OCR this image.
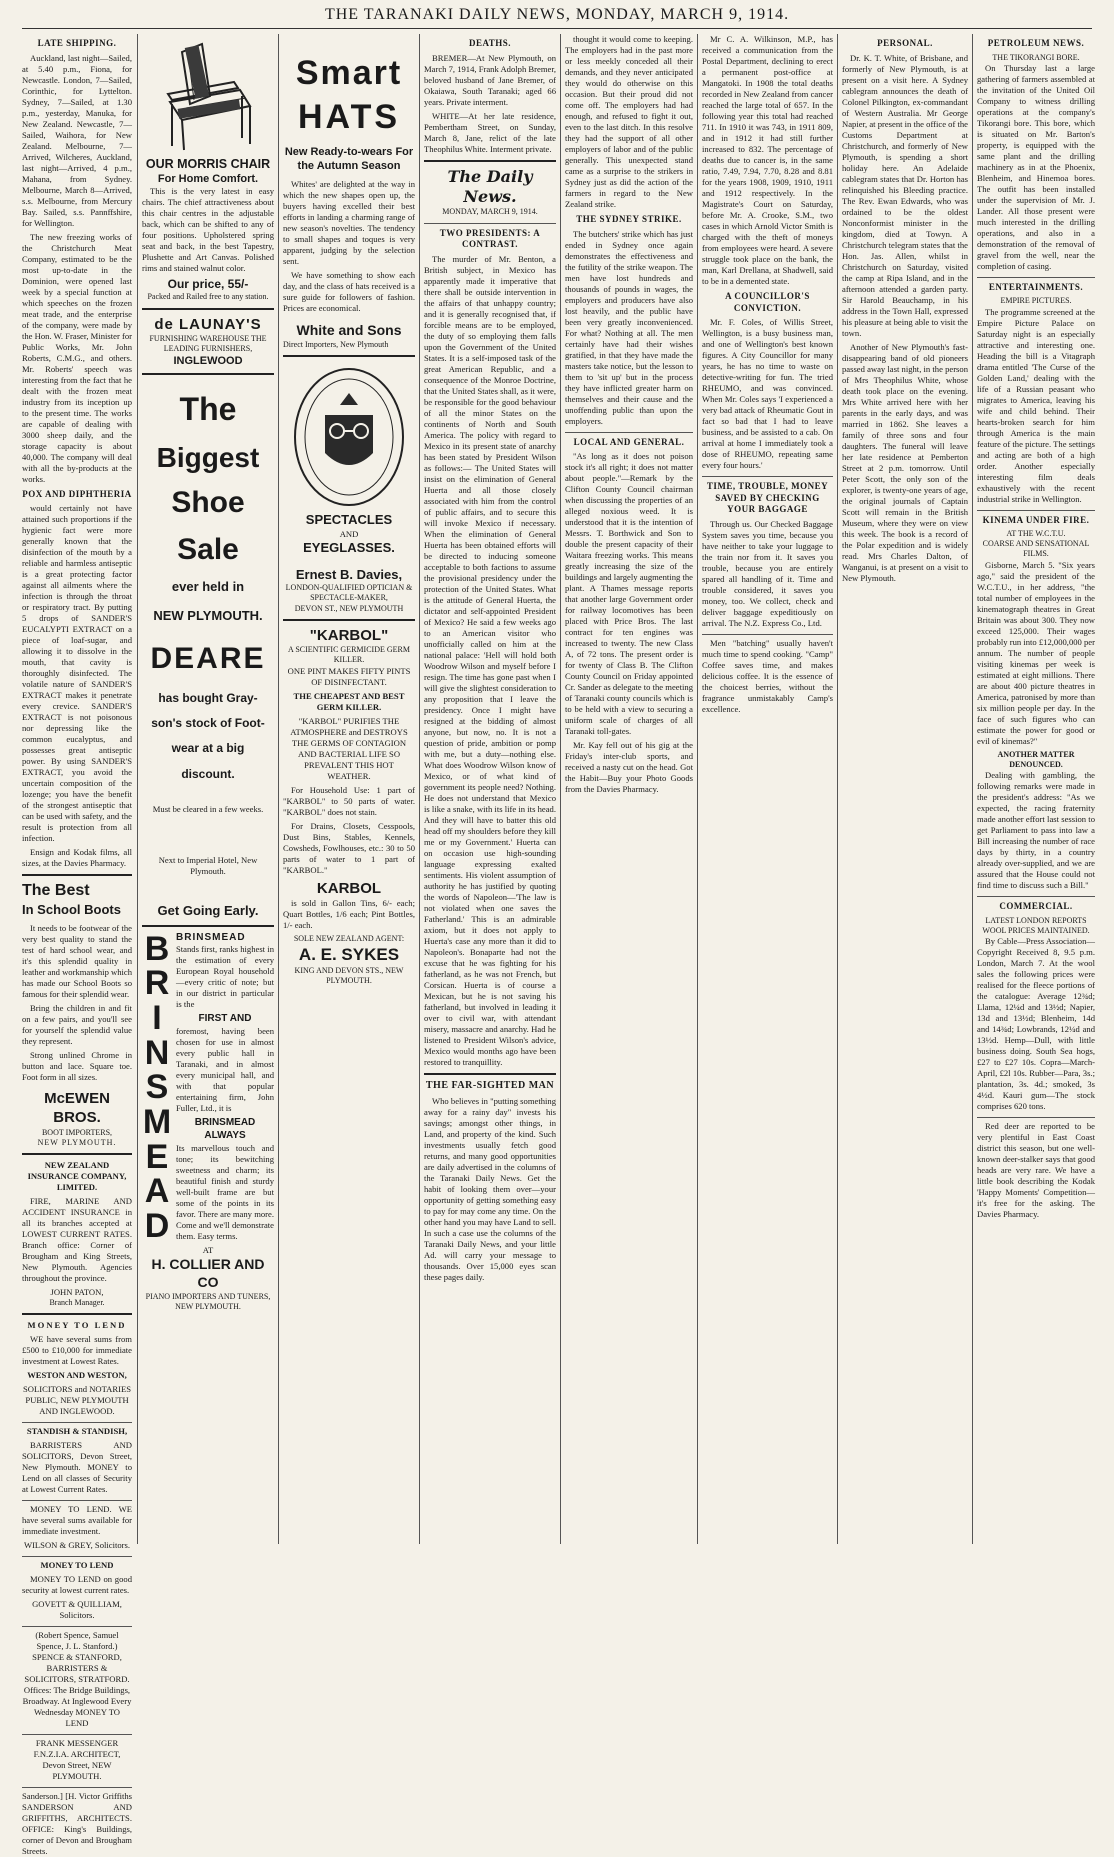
THE TARANAKI DAILY NEWS, MONDAY, MARCH 9, 1914.
LATE SHIPPING.

Auckland, last night—Sailed, at 5.40 p.m., Fiona, for Newcastle. London, 7—Sailed, Corinthic, for Lyttelton. Sydney, 7—Sailed, at 1.30 p.m., yesterday, Manuka, for New Zealand. Newcastle, 7—Sailed, Waihora, for New Zealand. Melbourne, 7—Arrived, Wilcheres, Auckland, last night—Arrived, 4 p.m., Mahana, from Sydney. Melbourne, March 8—Arrived, s.s. Melbourne, from Mercury Bay. Sailed, s.s. Pannffshire, for Wellington.

The new freezing works of the Christchurch Meat Company, estimated to be the most up-to-date in the Dominion, were opened last week by a special function at which speeches on the frozen meat trade, and the enterprise of the company, were made by the Hon. W. Fraser, Minister for Public Works, Mr. John Roberts, C.M.G., and others. Mr. Roberts' speech was interesting from the fact that he dealt with the frozen meat industry from its inception up to the present time. The works are capable of dealing with 3000 sheep daily, and the storage capacity is about 40,000. The company will deal with all the by-products at the works.

POX AND DIPHTHERIA

would certainly not have attained such proportions if the hygienic fact were more generally known that the disinfection of the mouth by a reliable and harmless antiseptic is a great protecting factor against all ailments where the infection is through the throat or respiratory tract. By putting 5 drops of SANDER'S EUCALYPTI EXTRACT on a piece of loaf-sugar, and allowing it to dissolve in the mouth, that cavity is thoroughly disinfected. The volatile nature of SANDER'S EXTRACT makes it penetrate every crevice. SANDER'S EXTRACT is not poisonous nor depressing like the common eucalyptus, and possesses great antiseptic power. By using SANDER'S EXTRACT, you avoid the uncertain composition of the lozenge; you have the benefit of the strongest antiseptic that can be used with safety, and the result is protection from all infection.

Ensign and Kodak films, all sizes, at the Davies Pharmacy.

The Best
In School Boots

It needs to be footwear of the very best quality to stand the test of hard school wear, and it's this splendid quality in leather and workmanship which has made our School Boots so famous for their splendid wear.

Bring the children in and fit on a few pairs, and you'll see for yourself the splendid value they represent.

Strong unlined Chrome in button and lace. Square toe. Foot form in all sizes.

McEWEN BROS.
BOOT IMPORTERS,
NEW PLYMOUTH.
NEW ZEALAND INSURANCE COMPANY, LIMITED.

FIRE, MARINE AND ACCIDENT INSURANCE in all its branches accepted at LOWEST CURRENT RATES. Branch office: Corner of Brougham and King Streets, New Plymouth. Agencies throughout the province.

JOHN PATON,
Branch Manager.
MONEY TO LEND

WE have several sums from £500 to £10,000 for immediate investment at Lowest Rates.

WESTON AND WESTON,

SOLICITORS and NOTARIES PUBLIC, NEW PLYMOUTH AND INGLEWOOD.

STANDISH & STANDISH,

BARRISTERS AND SOLICITORS, Devon Street, New Plymouth. MONEY to Lend on all classes of Security at Lowest Current Rates.

MONEY TO LEND. WE have several sums available for immediate investment.

WILSON & GREY, Solicitors.
MONEY TO LEND

MONEY TO LEND on good security at lowest current rates.

GOVETT & QUILLIAM, Solicitors.

(Robert Spence, Samuel Spence, J. L. Stanford.) SPENCE & STANFORD, BARRISTERS & SOLICITORS, STRATFORD. Offices: The Bridge Buildings, Broadway. At Inglewood Every Wednesday MONEY TO LEND

FRANK MESSENGER F.N.Z.I.A. ARCHITECT, Devon Street, NEW PLYMOUTH.

Sanderson.] [H. Victor Griffiths SANDERSON AND GRIFFITHS, ARCHITECTS. OFFICE: King's Buildings, corner of Devon and Brougham Streets.

OUR MORRIS CHAIR
For Home Comfort.

This is the very latest in easy chairs. The chief attractiveness about this chair centres in the adjustable back, which can be shifted to any of four positions. Upholstered spring seat and back, in the best Tapestry, Plushette and Art Canvas. Polished rims and stained walnut color.

Our price, 55/-
Packed and Railed free to any station.
de LAUNAY'S
FURNISHING WAREHOUSE THE LEADING FURNISHERS,
INGLEWOOD
The
Biggest
Shoe
Sale
ever held in
NEW PLYMOUTH.
DEARE
has bought Gray-
son's stock of Foot-
wear at a big
discount.
Must be cleared in a few weeks.
Next to Imperial Hotel, New Plymouth.
Get Going Early.
B
R
I
N
S
M
E
A
D
BRINSMEAD

Stands first, ranks highest in the estimation of every European Royal household—every critic of note; but in our district in particular is the

FIRST AND

foremost, having been chosen for use in almost every public hall in Taranaki, and in almost every municipal hall, and with that popular entertaining firm, John Fuller, Ltd., it is

BRINSMEAD ALWAYS

Its marvellous touch and tone; its bewitching sweetness and charm; its beautiful finish and sturdy well-built frame are but some of the points in its favor. There are many more. Come and we'll demonstrate them. Easy terms.

AT
H. COLLIER AND CO
PIANO IMPORTERS AND TUNERS, NEW PLYMOUTH.
Smart
HATS
New Ready-to-wears For the Autumn Season

Whites' are delighted at the way in which the new shapes open up, the buyers having excelled their best efforts in landing a charming range of new season's novelties. The tendency to small shapes and toques is very apparent, judging by the selection sent.

We have something to show each day, and the class of hats received is a sure guide for followers of fashion. Prices are economical.

White and Sons
Direct Importers, New Plymouth
SPECTACLES
AND
EYEGLASSES.
Ernest B. Davies,
LONDON-QUALIFIED OPTICIAN & SPECTACLE-MAKER,
DEVON ST., NEW PLYMOUTH
"KARBOL"
A SCIENTIFIC GERMICIDE GERM KILLER.

ONE PINT MAKES FIFTY PINTS OF DISINFECTANT.

THE CHEAPEST AND BEST GERM KILLER.

"KARBOL" PURIFIES THE ATMOSPHERE and DESTROYS THE GERMS OF CONTAGION AND BACTERIAL LIFE SO PREVALENT THIS HOT WEATHER.

For Household Use: 1 part of "KARBOL" to 50 parts of water. "KARBOL" does not stain.

For Drains, Closets, Cesspools, Dust Bins, Stables, Kennels, Cowsheds, Fowlhouses, etc.: 30 to 50 parts of water to 1 part of "KARBOL."

KARBOL

is sold in Gallon Tins, 6/- each; Quart Bottles, 1/6 each; Pint Bottles, 1/- each.

SOLE NEW ZEALAND AGENT:
A. E. SYKES
KING AND DEVON STS., NEW PLYMOUTH.
DEATHS.

BREMER—At New Plymouth, on March 7, 1914, Frank Adolph Bremer, beloved husband of Jane Bremer, of Okaiawa, South Taranaki; aged 66 years. Private interment.

WHITE—At her late residence, Pembertham Street, on Sunday, March 8, Jane, relict of the late Theophilus White. Interment private.

The Daily News.
MONDAY, MARCH 9, 1914.
TWO PRESIDENTS: A CONTRAST.

The murder of Mr. Benton, a British subject, in Mexico has apparently made it imperative that there shall be outside intervention in the affairs of that unhappy country; and it is generally recognised that, if forcible means are to be employed, the duty of so employing them falls upon the Government of the United States. It is a self-imposed task of the great American Republic, and a consequence of the Monroe Doctrine, that the United States shall, as it were, be responsible for the good behaviour of all the minor States on the continents of North and South America. The policy with regard to Mexico in its present state of anarchy has been stated by President Wilson as follows:— The United States will insist on the elimination of General Huerta and all those closely associated with him from the control of public affairs, and to secure this will invoke Mexico if necessary. When the elimination of General Huerta has been obtained efforts will be directed to inducing someone acceptable to both factions to assume the provisional presidency under the protection of the United States. What is the attitude of General Huerta, the dictator and self-appointed President of Mexico? He said a few weeks ago to an American visitor who unofficially called on him at the national palace: 'Hell will hold both Woodrow Wilson and myself before I resign. The time has gone past when I will give the slightest consideration to any proposition that I leave the presidency. Once I might have resigned at the bidding of almost anyone, but now, no. It is not a question of pride, ambition or pomp with me, but a duty—nothing else. What does Woodrow Wilson know of Mexico, or of what kind of government its people need? Nothing. He does not understand that Mexico is like a snake, with its life in its head. And they will have to batter this old head off my shoulders before they kill me or my Government.' Huerta can on occasion use high-sounding language expressing exalted sentiments. His violent assumption of authority he has justified by quoting the words of Napoleon—'The law is not violated when one saves the Fatherland.' This is an admirable axiom, but it does not apply to Huerta's case any more than it did to Napoleon's. Bonaparte had not the excuse that he was fighting for his fatherland, as he was not French, but Corsican. Huerta is of course a Mexican, but he is not saving his fatherland, but involved in leading it over to civil war, with attendant misery, massacre and anarchy. Had he listened to President Wilson's advice, Mexico would months ago have been restored to tranquillity.

THE FAR-SIGHTED MAN

Who believes in "putting something away for a rainy day" invests his savings; amongst other things, in Land, and property of the kind. Such investments usually fetch good returns, and many good opportunities are daily advertised in the columns of the Taranaki Daily News. Get the habit of looking them over—your opportunity of getting something easy to pay for may come any time. On the other hand you may have Land to sell. In such a case use the columns of the Taranaki Daily News, and your little Ad. will carry your message to thousands. Over 15,000 eyes scan these pages daily.

thought it would come to keeping. The employers had in the past more or less meekly conceded all their demands, and they never anticipated they would do otherwise on this occasion. But their proud did not come off. The employers had had enough, and refused to fight it out, even to the last ditch. In this resolve they had the support of all other employers of labor and of the public generally. This unexpected stand came as a surprise to the strikers in Sydney just as did the action of the farmers in regard to the New Zealand strike.

THE SYDNEY STRIKE.

The butchers' strike which has just ended in Sydney once again demonstrates the effectiveness and the futility of the strike weapon. The men have lost hundreds and thousands of pounds in wages, the employers and producers have also lost heavily, and the public have been very greatly inconvenienced. For what? Nothing at all. The men certainly have had their wishes gratified, in that they have made the masters take notice, but the lesson to them to 'sit up' but in the process they have inflicted greater harm on themselves and their cause and the unoffending public than upon the employers.

LOCAL AND GENERAL.

"As long as it does not poison stock it's all right; it does not matter about people."—Remark by the Clifton County Council chairman when discussing the properties of an alleged noxious weed. It is understood that it is the intention of Messrs. T. Borthwick and Son to double the present capacity of their Waitara freezing works. This means greatly increasing the size of the buildings and largely augmenting the plant. A Thames message reports that another large Government order for railway locomotives has been placed with Price Bros. The last contract for ten engines was increased to twenty. The new Class A, of 72 tons. The present order is for twenty of Class B. The Clifton County Council on Friday appointed Cr. Sander as delegate to the meeting of Taranaki county councils which is to be held with a view to securing a uniform scale of charges of all Taranaki toll-gates.

Mr. Kay fell out of his gig at the Friday's inter-club sports, and received a nasty cut on the head. Got the Habit—Buy your Photo Goods from the Davies Pharmacy.

Mr C. A. Wilkinson, M.P., has received a communication from the Postal Department, declining to erect a permanent post-office at Mangatoki. In 1908 the total deaths recorded in New Zealand from cancer reached the large total of 657. In the following year this total had reached 711. In 1910 it was 743, in 1911 809, and in 1912 it had still further increased to 832. The percentage of deaths due to cancer is, in the same ratio, 7.49, 7.94, 7.70, 8.28 and 8.81 for the years 1908, 1909, 1910, 1911 and 1912 respectively. In the Magistrate's Court on Saturday, before Mr. A. Crooke, S.M., two cases in which Arnold Victor Smith is charged with the theft of moneys from employees were heard. A severe struggle took place on the bank, the man, Karl Drellana, at Shadwell, said to be in a demented state.

A COUNCILLOR'S CONVICTION.

Mr. F. Coles, of Willis Street, Wellington, is a busy business man, and one of Wellington's best known figures. A City Councillor for many years, he has no time to waste on detective-writing for fun. The tried RHEUMO, and was convinced. When Mr. Coles says 'I experienced a very bad attack of Rheumatic Gout in fact so bad that I had to leave business, and be assisted to a cab. On arrival at home I immediately took a dose of RHEUMO, repeating same every four hours.'

TIME, TROUBLE, MONEY SAVED BY CHECKING YOUR BAGGAGE

Through us. Our Checked Baggage System saves you time, because you have neither to take your luggage to the train nor from it. It saves you trouble, because you are entirely spared all handling of it. Time and trouble considered, it saves you money, too. We collect, check and deliver baggage expeditiously on arrival. The N.Z. Express Co., Ltd.

Men "batching" usually haven't much time to spend cooking. "Camp" Coffee saves time, and makes delicious coffee. It is the essence of the choicest berries, without the fragrance unmistakably Camp's excellence.

PERSONAL.

Dr. K. T. White, of Brisbane, and formerly of New Plymouth, is at present on a visit here. A Sydney cablegram announces the death of Colonel Pilkington, ex-commandant of Western Australia. Mr George Napier, at present in the office of the Customs Department at Christchurch, and formerly of New Plymouth, is spending a short holiday here. An Adelaide cablegram states that Dr. Horton has relinquished his Bleeding practice. The Rev. Ewan Edwards, who was ordained to be the oldest Nonconformist minister in the kingdom, died at Towyn. A Christchurch telegram states that the Hon. Jas. Allen, whilst in Christchurch on Saturday, visited the camp at Ripa Island, and in the afternoon attended a garden party. Sir Harold Beauchamp, in his address in the Town Hall, expressed his pleasure at being able to visit the town.

Another of New Plymouth's fast-disappearing band of old pioneers passed away last night, in the person of Mrs Theophilus White, whose death took place on the evening. Mrs White arrived here with her parents in the early days, and was married in 1862. She leaves a family of three sons and four daughters. The funeral will leave her late residence at Pemberton Street at 2 p.m. tomorrow. Until Peter Scott, the only son of the explorer, is twenty-one years of age, the original journals of Captain Scott will remain in the British Museum, where they were on view this week. The book is a record of the Polar expedition and is widely read. Mrs Charles Dalton, of Wanganui, is at present on a visit to New Plymouth.

PETROLEUM NEWS.
THE TIKORANGI BORE.

On Thursday last a large gathering of farmers assembled at the invitation of the United Oil Company to witness drilling operations at the company's Tikorangi bore. This bore, which is situated on Mr. Barton's property, is equipped with the same plant and the drilling machinery as in at the Phoenix, Blenheim, and Hinemoa bores. The outfit has been installed under the supervision of Mr. J. Lander. All those present were much interested in the drilling operations, and also in a demonstration of the removal of gravel from the well, near the completion of casing.

ENTERTAINMENTS.
EMPIRE PICTURES.

The programme screened at the Empire Picture Palace on Saturday night is an especially attractive and interesting one. Heading the bill is a Vitagraph drama entitled 'The Curse of the Golden Land,' dealing with the life of a Russian peasant who migrates to America, leaving his wife and child behind. Their hearts-broken search for him through America is the main feature of the picture. The settings and acting are both of a high order. Another especially interesting film deals exhaustively with the recent industrial strike in Wellington.

KINEMA UNDER FIRE.
AT THE W.C.T.U.
COARSE AND SENSATIONAL FILMS.

Gisborne, March 5. "Six years ago," said the president of the W.C.T.U., in her address, "the total number of employees in the kinematograph theatres in Great Britain was about 300. They now exceed 125,000. Their wages probably run into £12,000,000 per annum. The number of people visiting kinemas per week is estimated at eight millions. There are about 400 picture theatres in America, patronised by more than six million people per day. In the face of such figures who can estimate the power for good or evil of kinemas?"

ANOTHER MATTER DENOUNCED.

Dealing with gambling, the following remarks were made in the president's address: "As we expected, the racing fraternity made another effort last session to get Parliament to pass into law a Bill increasing the number of race days by thirty, in a country already over-supplied, and we are assured that the House could not find time to discuss such a Bill."

COMMERCIAL.
LATEST LONDON REPORTS
WOOL PRICES MAINTAINED.

By Cable—Press Association—Copyright Received 8, 9.5 p.m. London, March 7. At the wool sales the following prices were realised for the fleece portions of the catalogue: Average 12¾d; Llama, 12¼d and 13½d; Napier, 13d and 13½d; Blenheim, 14d and 14¾d; Lowbrands, 12¼d and 13½d. Hemp—Dull, with little business doing. South Sea hogs, £27 to £27 10s. Copra—March-April, £2l 10s. Rubber—Para, 3s.; plantation, 3s. 4d.; smoked, 3s 4½d. Kauri gum—The stock comprises 620 tons.

Red deer are reported to be very plentiful in East Coast district this season, but one well-known deer-stalker says that good heads are very rare. We have a little book describing the Kodak 'Happy Moments' Competition—it's free for the asking. The Davies Pharmacy.
